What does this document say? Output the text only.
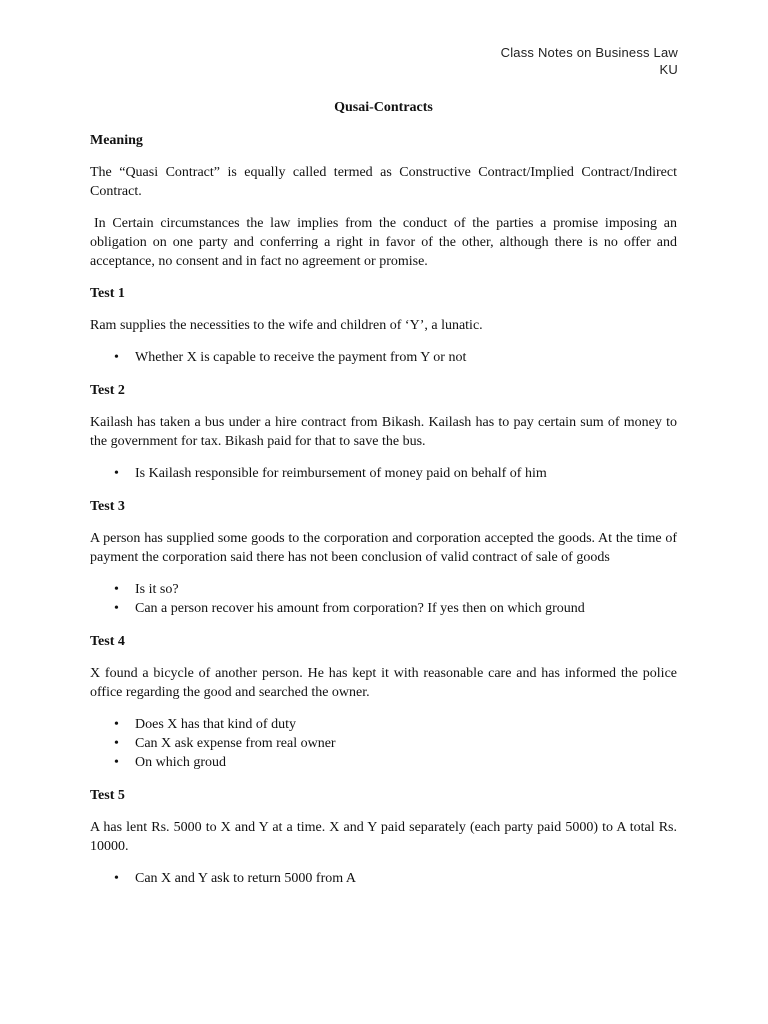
Class Notes on Business Law
KU
Qusai-Contracts
Meaning
The “Quasi Contract” is equally called termed as Constructive Contract/Implied Contract/Indirect Contract.
In Certain circumstances the law implies from the conduct of the parties a promise imposing an obligation on one party and conferring a right in favor of the other, although there is no offer and acceptance, no consent and in fact no agreement or promise.
Test 1
Ram supplies the necessities to the wife and children of ‘Y’, a lunatic.
• Whether X is capable to receive the payment from Y or not
Test 2
Kailash has taken a bus under a hire contract from Bikash. Kailash has to pay certain sum of money to the government for tax. Bikash paid for that to save the bus.
• Is Kailash responsible for reimbursement of money paid on behalf of him
Test 3
A person has supplied some goods to the corporation and corporation accepted the goods. At the time of payment the corporation said there has not been conclusion of valid contract of sale of goods
• Is it so?
• Can a person recover his amount from corporation? If yes then on which ground
Test 4
X found a bicycle of another person. He has kept it with reasonable care and has informed the police office regarding the good and searched the owner.
• Does X has that kind of duty
• Can X ask expense from real owner
• On which groud
Test 5
A has lent Rs. 5000 to X and Y at a time. X and Y paid separately (each party paid 5000) to A total Rs. 10000.
• Can X and Y ask to return 5000 from A
